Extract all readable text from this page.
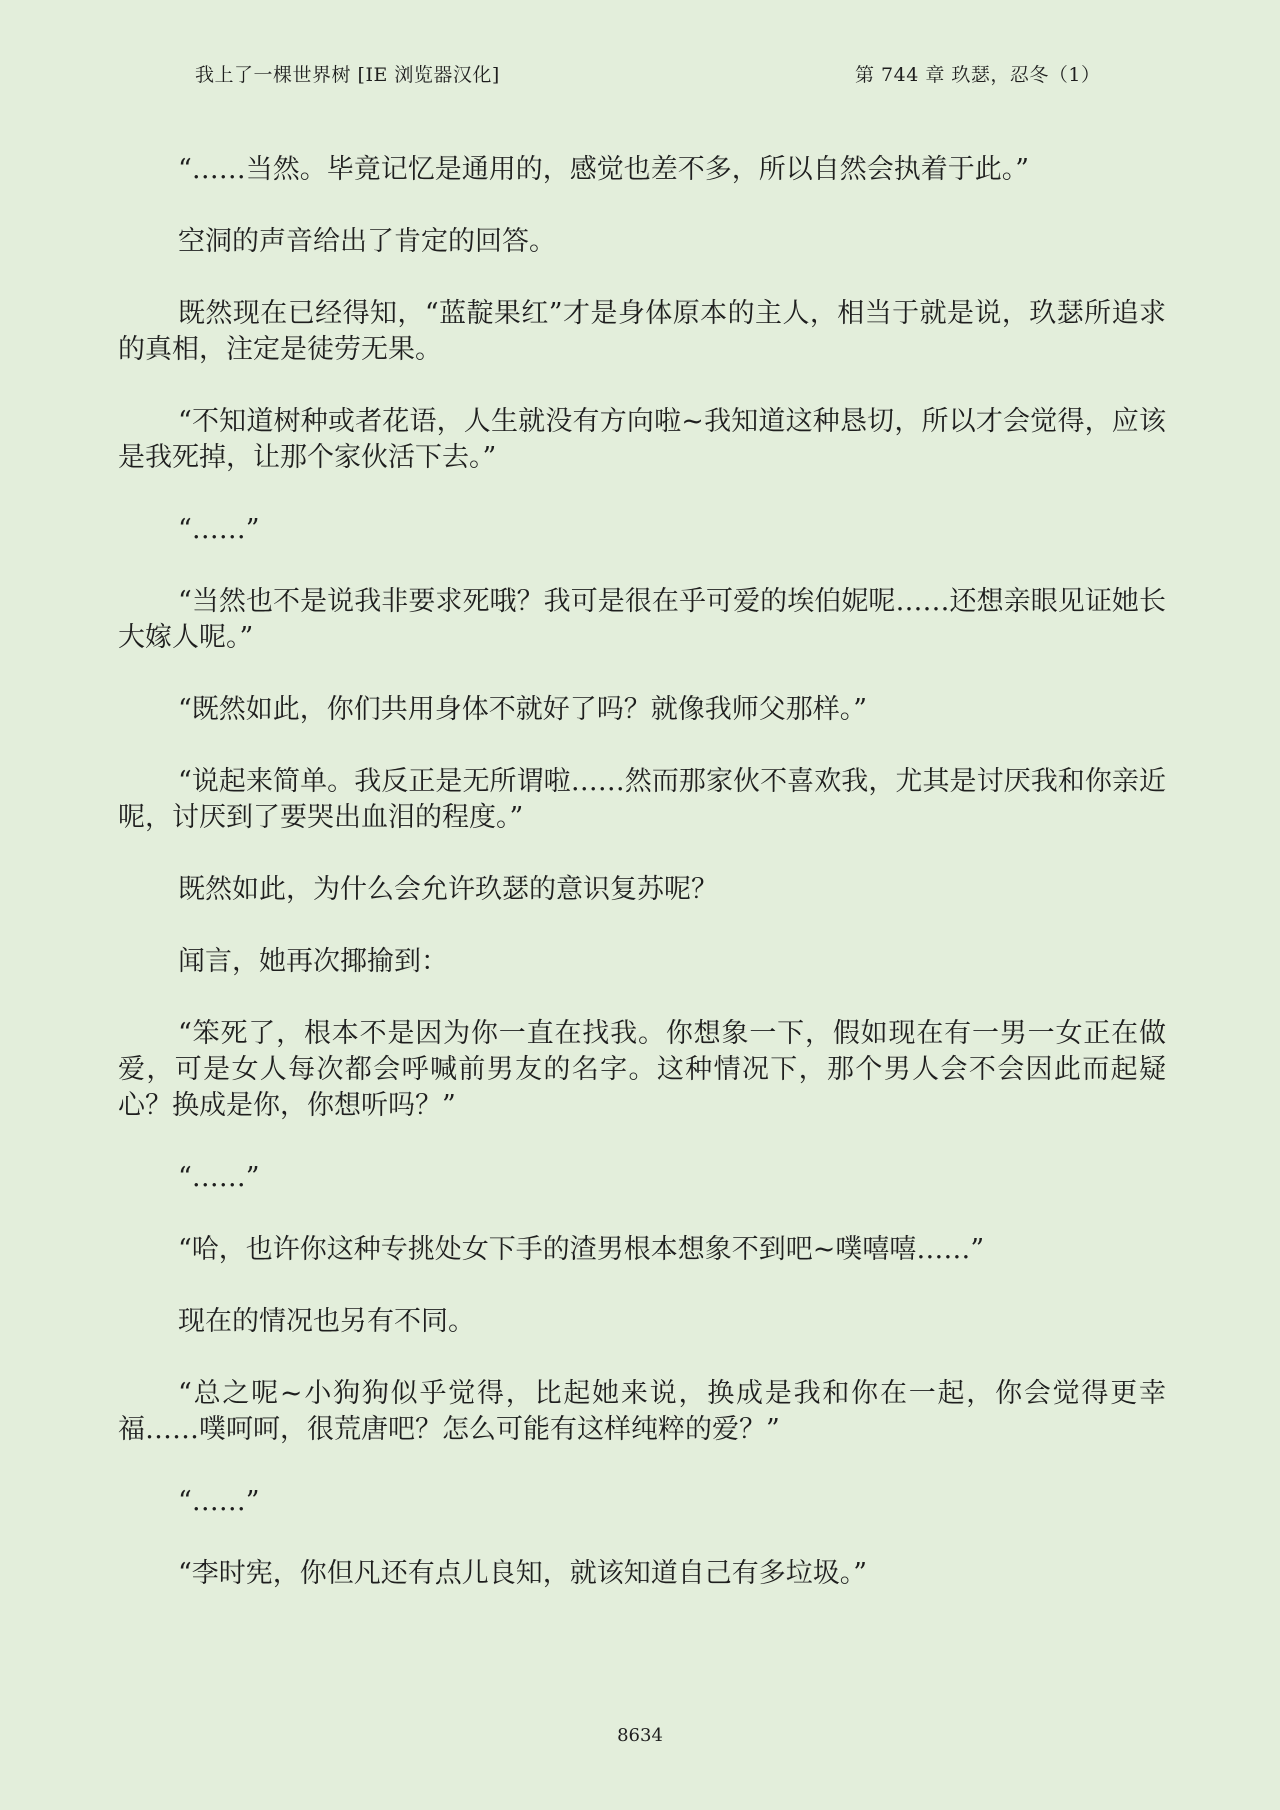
我上了一棵世界树 [IE 浏览器汉化]	第 744 章 玖瑟，忍冬（1）

“……当然。毕竟记忆是通用的，感觉也差不多，所以自然会执着于此。”

空洞的声音给出了肯定的回答。

既然现在已经得知，“蓝靛果红”才是身体原本的主人，相当于就是说，玖瑟所追求的真相，注定是徒劳无果。

“不知道树种或者花语，人生就没有方向啦~我知道这种恳切，所以才会觉得，应该是我死掉，让那个家伙活下去。”

“……”

“当然也不是说我非要求死哦？我可是很在乎可爱的埃伯妮呢……还想亲眼见证她长大嫁人呢。”

“既然如此，你们共用身体不就好了吗？就像我师父那样。”

“说起来简单。我反正是无所谓啦……然而那家伙不喜欢我，尤其是讨厌我和你亲近呢，讨厌到了要哭出血泪的程度。”

既然如此，为什么会允许玖瑟的意识复苏呢？

闻言，她再次揶揄到：

“笨死了，根本不是因为你一直在找我。你想象一下，假如现在有一男一女正在做爱，可是女人每次都会呼喊前男友的名字。这种情况下，那个男人会不会因此而起疑心？换成是你，你想听吗？”

“……”

“哈，也许你这种专挑处女下手的渣男根本想象不到吧~噗嘻嘻……”

现在的情况也另有不同。

“总之呢~小狗狗似乎觉得，比起她来说，换成是我和你在一起，你会觉得更幸福……噗呵呵，很荒唐吧？怎么可能有这样纯粹的爱？”

“……”

“李时宪，你但凡还有点儿良知，就该知道自己有多垃圾。”

8634
